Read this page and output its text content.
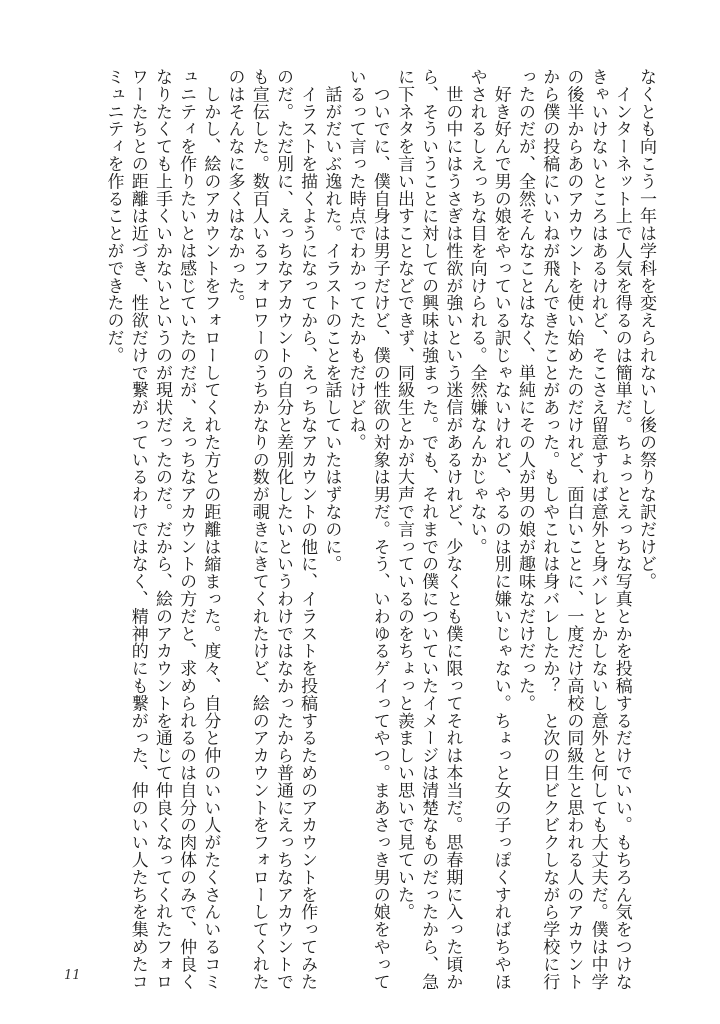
なくとも向こう一年は学科を変えられないし後の祭りな訳だけど。
　インターネット上で人気を得るのは簡単だ。ちょっとえっちな写真とかを投稿するだけでいい。もちろん気をつけな
きゃいけないところはあるけれど、そこさえ留意すれば意外と身バレとかしないし意外と何しても大丈夫だ。僕は中学
の後半からあのアカウントを使い始めたのだけれど、面白いことに、一度だけ高校の同級生と思われる人のアカウント
から僕の投稿にいいねが飛んできたことがあった。もしやこれは身バレしたか？　と次の日ビクビクしながら学校に行
ったのだが、全然そんなことはなく、単純にその人が男の娘が趣味なだけだった。
　好き好んで男の娘をやっている訳じゃないけれど、やるのは別に嫌いじゃない。ちょっと女の子っぽくすればちやほ
やされるしえっちな目を向けられる。全然嫌なんかじゃない。
　世の中にはうさぎは性欲が強いという迷信があるけれど、少なくとも僕に限ってそれは本当だ。思春期に入った頃か
ら、そういうことに対しての興味は強まった。でも、それまでの僕についていたイメージは清楚なものだったから、急
に下ネタを言い出すことなどできず、同級生とかが大声で言っているのをちょっと羨ましい思いで見ていた。
　ついでに、僕自身は男子だけど、僕の性欲の対象は男だ。そう、いわゆるゲイってやつ。まあさっき男の娘をやって
いるって言った時点でわかってたかもだけどね。
　話がだいぶ逸れた。イラストのことを話していたはずなのに。
　イラストを描くようになってから、えっちなアカウントの他に、イラストを投稿するためのアカウントを作ってみた
のだ。ただ別に、えっちなアカウントの自分と差別化したいというわけではなかったから普通にえっちなアカウントで
も宣伝した。数百人いるフォロワーのうちかなりの数が覗きにきてくれたけど、絵のアカウントをフォローしてくれた
のはそんなに多くはなかった。
　しかし、絵のアカウントをフォローしてくれた方との距離は縮まった。度々、自分と仲のいい人がたくさんいるコミ
ュニティを作りたいとは感じていたのだが、えっちなアカウントの方だと、求められるのは自分の肉体のみで、仲良く
なりたくても上手くいかないというのが現状だったのだ。だから、絵のアカウントを通じて仲良くなってくれたフォロ
ワーたちとの距離は近づき、性欲だけで繋がっているわけではなく、精神的にも繋がった、仲のいい人たちを集めたコ
ミュニティを作ることができたのだ。
11
